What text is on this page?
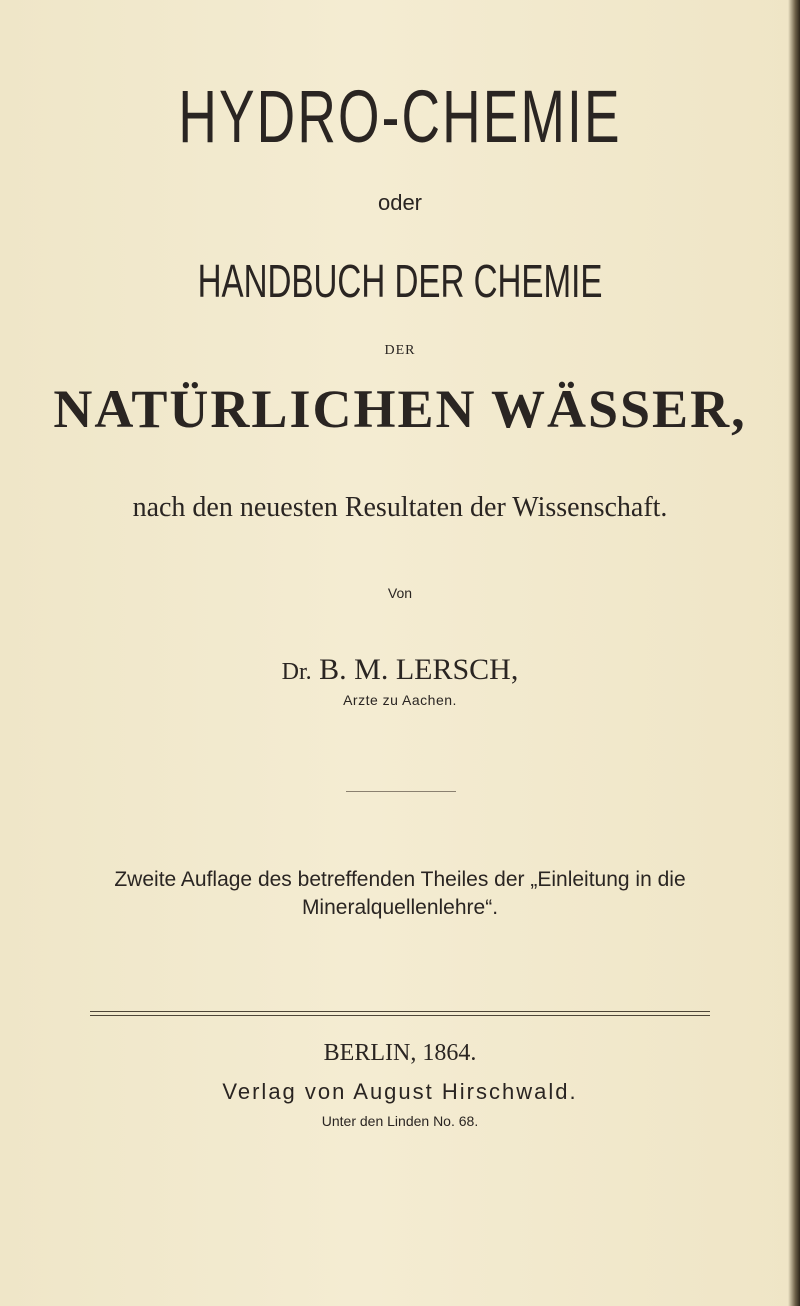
HYDRO-CHEMIE
oder
HANDBUCH DER CHEMIE
DER
NATÜRLICHEN WÄSSER,
nach den neuesten Resultaten der Wissenschaft.
Von
Dr. B. M. LERSCH,
Arzte zu Aachen.
Zweite Auflage des betreffenden Theiles der „Einleitung in die
Mineralquellenlehre“.
BERLIN, 1864.
Verlag von August Hirschwald.
Unter den Linden No. 68.
